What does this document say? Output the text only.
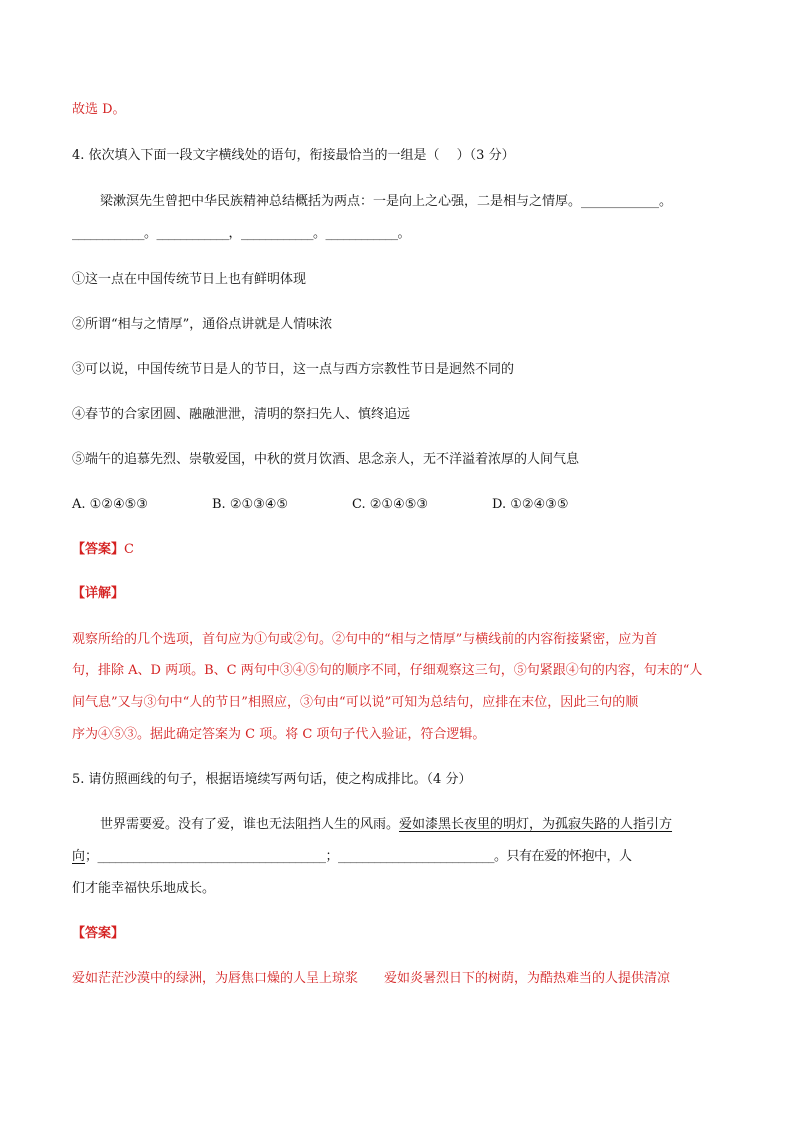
故选 D。
4. 依次填入下面一段文字横线处的语句，衔接最恰当的一组是（　 ）（3 分）
梁漱溟先生曾把中华民族精神总结概括为两点：一是向上之心强，二是相与之情厚。____________。
____________。____________，____________。____________。
①这一点在中国传统节日上也有鲜明体现
②所谓“相与之情厚”，通俗点讲就是人情味浓
③可以说，中国传统节日是人的节日，这一点与西方宗教性节日是迥然不同的
④春节的合家团圆、融融泄泄，清明的祭扫先人、慎终追远
⑤端午的追慕先烈、崇敬爱国，中秋的赏月饮酒、思念亲人，无不洋溢着浓厚的人间气息
A. ①②④⑤③	B. ②①③④⑤	C. ②①④⑤③	D. ①②④③⑤
【答案】C
【详解】
观察所给的几个选项，首句应为①句或②句。②句中的“相与之情厚”与横线前的内容衔接紧密，应为首
句，排除 A、D 两项。B、C 两句中③④⑤句的顺序不同，仔细观察这三句，⑤句紧跟④句的内容，句末的“人
间气息”又与③句中“人的节日”相照应，③句由“可以说”可知为总结句，应排在末位，因此三句的顺
序为④⑤③。据此确定答案为 C 项。将 C 项句子代入验证，符合逻辑。
5. 请仿照画线的句子，根据语境续写两句话，使之构成排比。（4 分）
世界需要爱。没有了爱，谁也无法阻挡人生的风雨。爱如漆黑长夜里的明灯，为孤寂失路的人指引方
向；______________________________________；__________________________。只有在爱的怀抱中，人
们才能幸福快乐地成长。
【答案】
爱如茫茫沙漠中的绿洲，为唇焦口燥的人呈上琼浆　　爱如炎暑烈日下的树荫，为酷热难当的人提供清凉
